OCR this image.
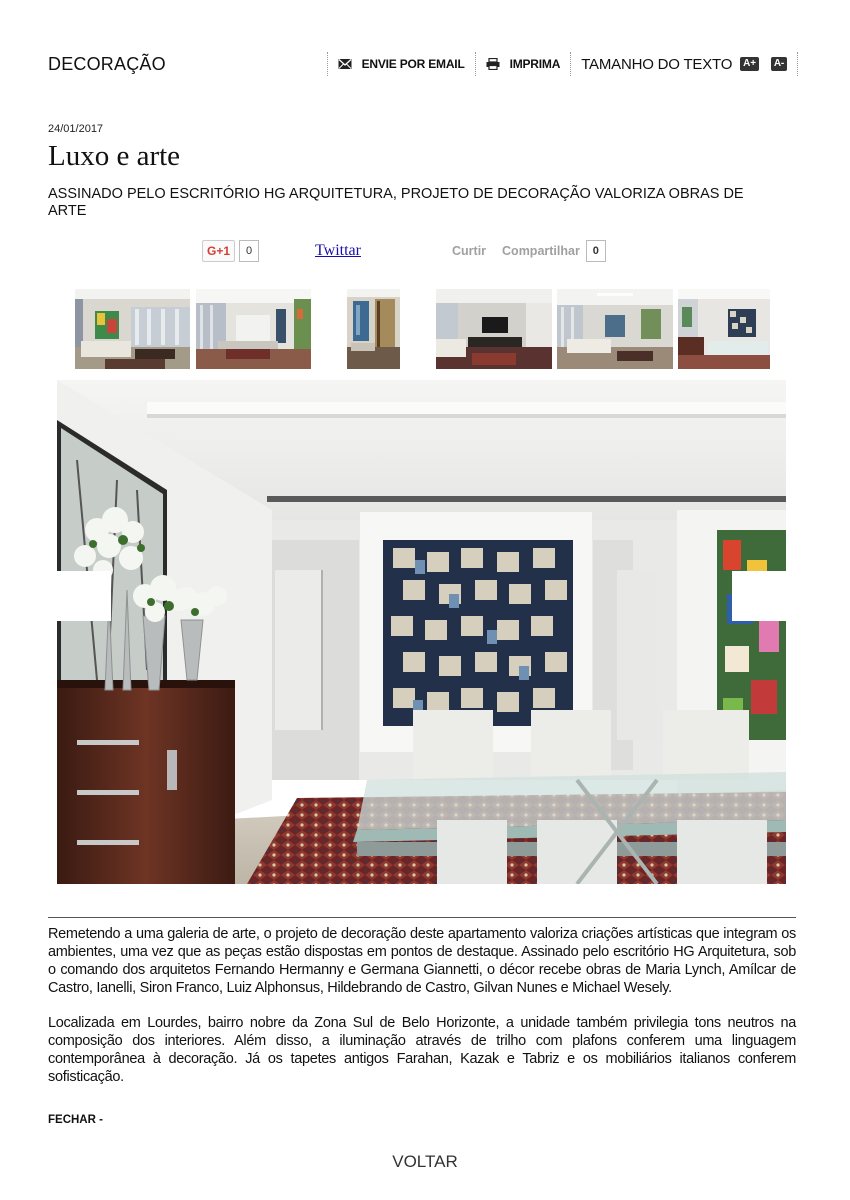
DECORAÇÃO	ENVIE POR EMAIL	IMPRIMA TAMANHO DO TEXTO	A+	A-
24/01/2017
Luxo e arte
ASSINADO PELO ESCRITÓRIO HG ARQUITETURA, PROJETO DE DECORAÇÃO VALORIZA OBRAS DE ARTE
G+1	0	Twittar	Curtir Compartilhar	0

Remetendo a uma galeria de arte, o projeto de decoração deste apartamento valoriza criações artísticas que integram os ambientes, uma vez que as peças estão dispostas em pontos de destaque. Assinado pelo escritório HG Arquitetura, sob o comando dos arquitetos Fernando Hermanny e Germana Giannetti, o décor recebe obras de Maria Lynch, Amílcar de Castro, Ianelli, Siron Franco, Luiz Alphonsus, Hildebrando de Castro, Gilvan Nunes e Michael Wesely.

Localizada em Lourdes, bairro nobre da Zona Sul de Belo Horizonte, a unidade também privilegia tons neutros na composição dos interiores. Além disso, a iluminação através de trilho com plafons conferem uma linguagem contemporânea à decoração. Já os tapetes antigos Farahan, Kazak e Tabriz e os mobiliários italianos conferem sofisticação.

FECHAR -
VOLTAR
